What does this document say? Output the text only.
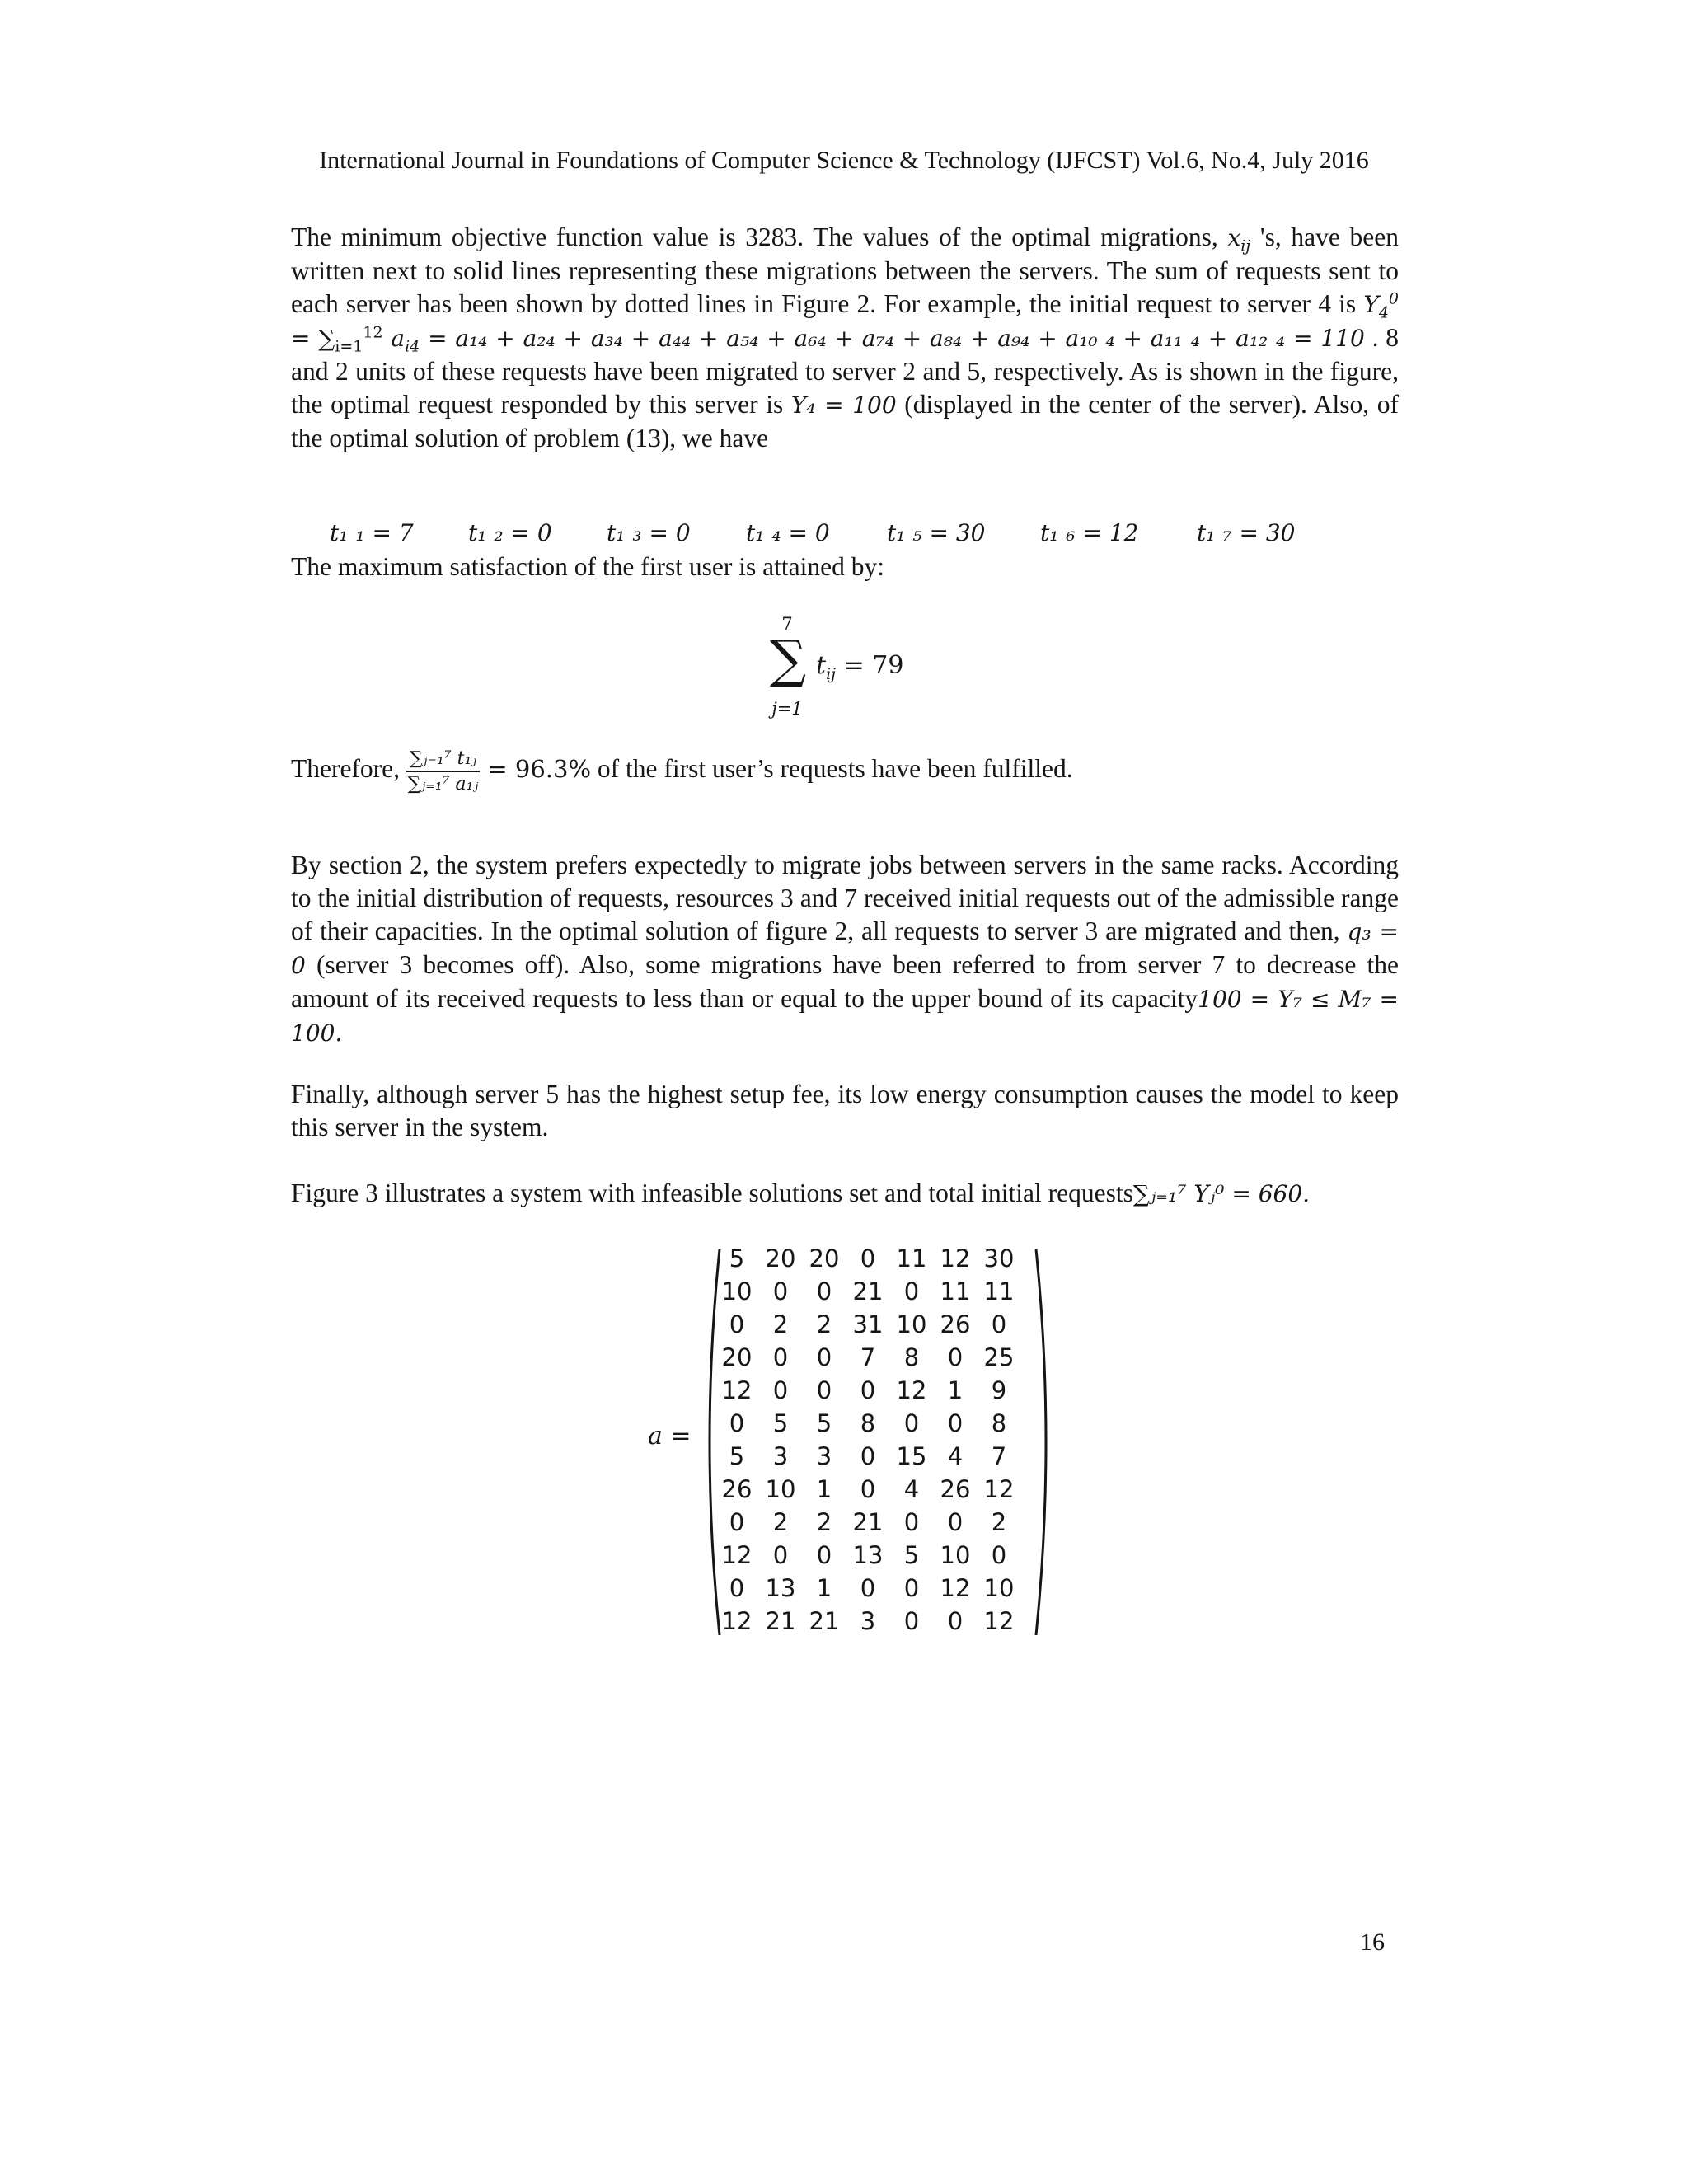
International Journal in Foundations of Computer Science & Technology (IJFCST) Vol.6, No.4, July 2016

The minimum objective function value is 3283. The values of the optimal migrations, $x_{ij}$ 's, have been written next to solid lines representing these migrations between the servers. The sum of requests sent to each server has been shown by dotted lines in Figure 2. For example, the initial request to server 4 is $Y_4^0 = \sum_{i=1}^{12}$ $a_{i4} = a_{14} + a_{24} + a_{34} + a_{44} + a_{54} + a_{64} + a_{74} + a_{84} + a_{94} + a_{10}$ ₄ + a₁₁ ₄ + a₁₂ ₄ = 110 . 8 and 2 units of these requests have been migrated to server 2 and 5, respectively. As is shown in the figure, the optimal request responded by this server is Y₄ = 100 (displayed in the center of the server). Also, of the optimal solution of problem (13), we have

t₁ ₁ = 7 t₁ ₂ = 0 t₁ ₃ = 0 t₁ ₄ = 0 t₁ ₅ = 30 t₁ ₆ = 12	t₁ ₇ = 30
The maximum satisfaction of the first user is attained by:
7
∑
j=1
$t_{ij} = 79$
Therefore, $\frac{\text{∑ⱼ₌₁⁷ t₁ⱼ}}{\text{∑ⱼ₌₁⁷ a₁ⱼ}} = 96.3\%$ of the first user’s requests have been fulfilled.

By section 2, the system prefers expectedly to migrate jobs between servers in the same racks. According to the initial distribution of requests, resources 3 and 7 received initial requests out of the admissible range of their capacities. In the optimal solution of figure 2, all requests to server 3 are migrated and then, q₃ = 0 (server 3 becomes off). Also, some migrations have been referred to from server 7 to decrease the amount of its received requests to less than or equal to the upper bound of its capacity100 = Y₇ ≤ M₇ = 100.

Finally, although server 5 has the highest setup fee, its low energy consumption causes the model to keep this server in the system.
Figure 3 illustrates a system with infeasible solutions set and total initial requests∑ⱼ₌₁⁷ Yⱼ⁰ = 660.
a =
5 20 20 0 11 12 30
10 0	0 21 0 11 11
0	2	2 31 10 26 0
20 0	0	7	8	0 25
12 0	0	0 12 1	9
0	5	5	8	0	0	8
5	3	3	0 15 4	7
26 10 1	0	4 26 12
0	2	2 21 0	0	2
12 0	0 13 5 10 0
0 13 1	0	0 12 10
12 21 21 3	0	0 12
16
